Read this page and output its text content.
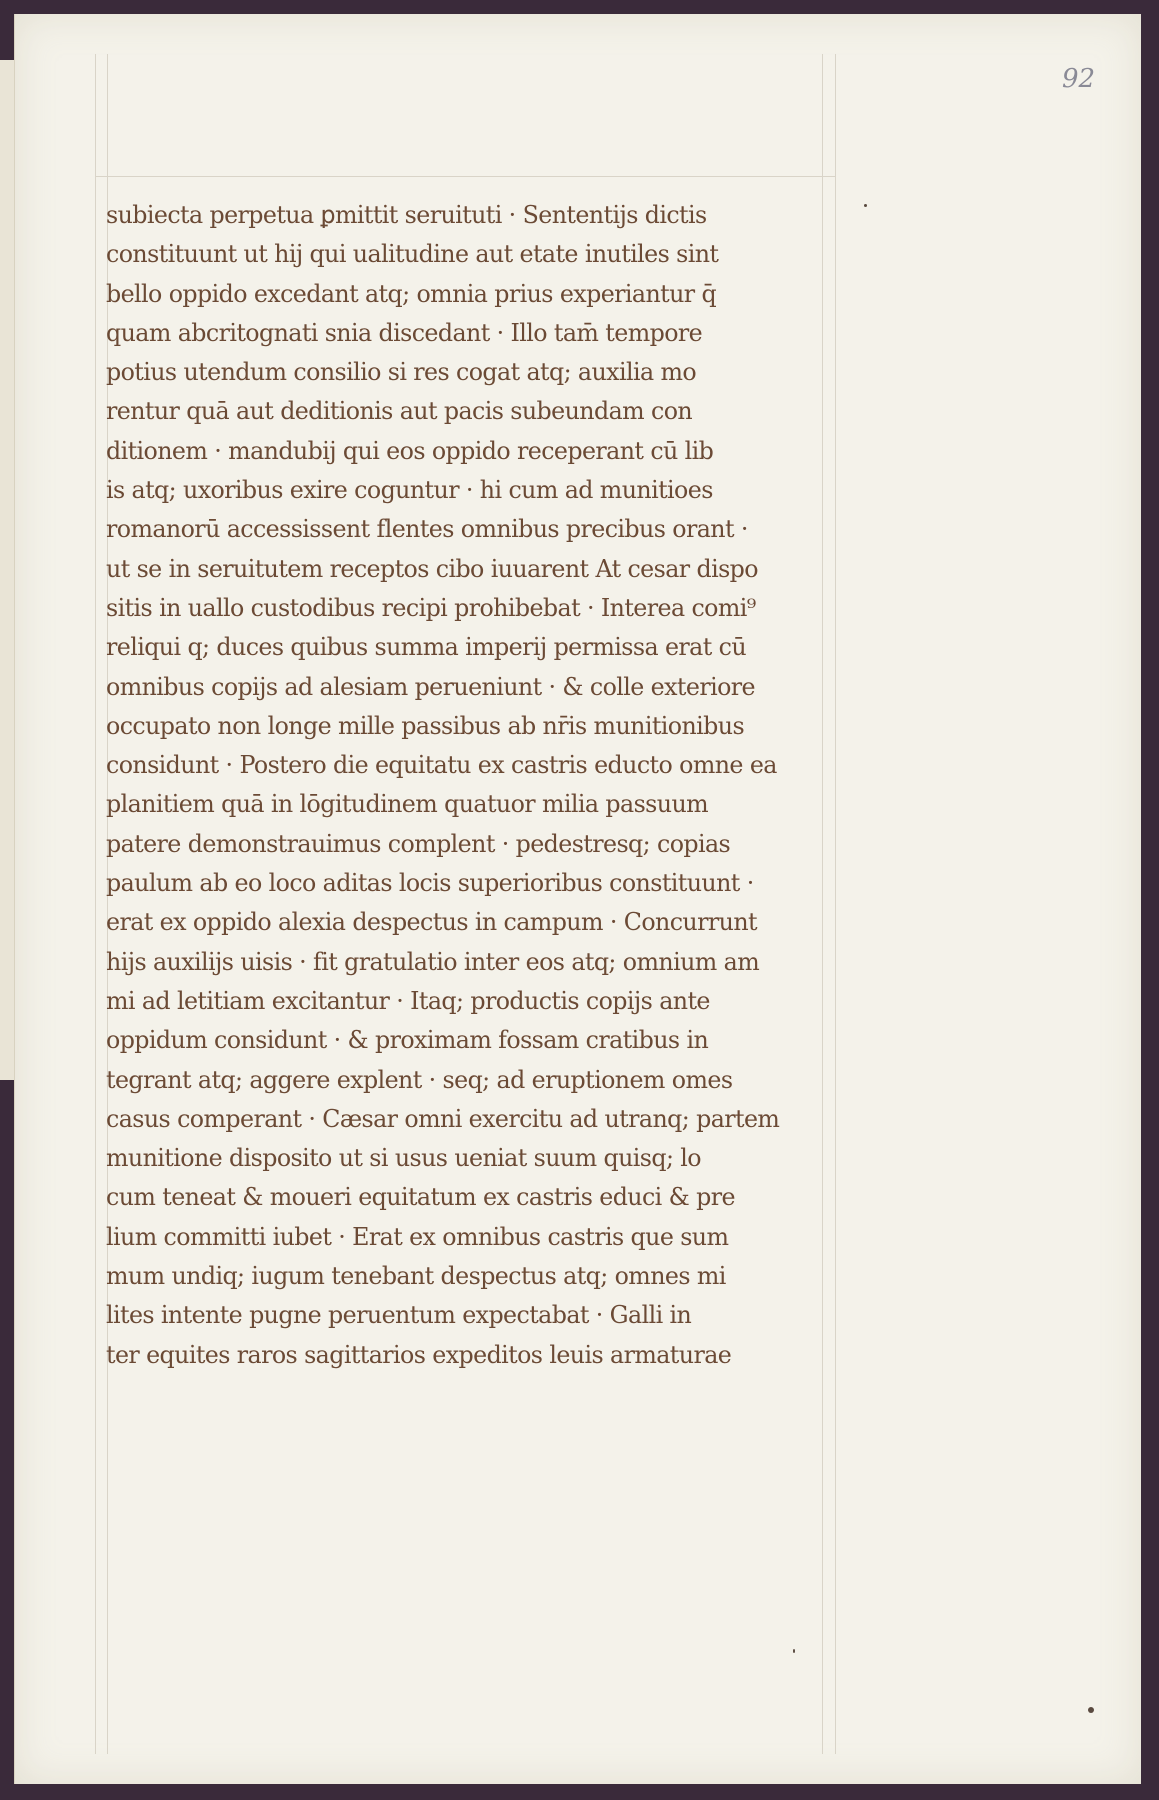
92
subiecta perpetua ꝑmittit seruituti · Sententijs dictis
constituunt ut hij qui ualitudine aut etate inutiles sint
bello oppido excedant atq; omnia prius experiantur q̄
quam abcritognati snia discedant · Illo tam̄ tempore
potius utendum consilio si res cogat atq; auxilia mo
rentur quā aut deditionis aut pacis subeundam con
ditionem · mandubij qui eos oppido receperant cū lib
is atq; uxoribus exire coguntur · hi cum ad munitioes
romanorū accessissent flentes omnibus precibus orant ·
ut se in seruitutem receptos cibo iuuarent At cesar dispo
sitis in uallo custodibus recipi prohibebat · Interea comi⁹
reliqui q; duces quibus summa imperij permissa erat cū
omnibus copijs ad alesiam perueniunt · & colle exteriore
occupato non longe mille passibus ab nr̄is munitionibus
considunt · Postero die equitatu ex castris educto omne ea
planitiem quā in lōgitudinem quatuor milia passuum
patere demonstrauimus complent · pedestresq; copias
paulum ab eo loco aditas locis superioribus constituunt ·
erat ex oppido alexia despectus in campum · Concurrunt
hijs auxilijs uisis · fit gratulatio inter eos atq; omnium am
mi ad letitiam excitantur · Itaq; productis copijs ante
oppidum considunt · & proximam fossam cratibus in
tegrant atq; aggere explent · seq; ad eruptionem omes
casus comperant · Cæsar omni exercitu ad utranq; partem
munitione disposito ut si usus ueniat suum quisq; lo
cum teneat & moueri equitatum ex castris educi & pre
lium committi iubet · Erat ex omnibus castris que sum
mum undiq; iugum tenebant despectus atq; omnes mi
lites intente pugne peruentum expectabat · Galli in
ter equites raros sagittarios expeditos leuis armaturae
